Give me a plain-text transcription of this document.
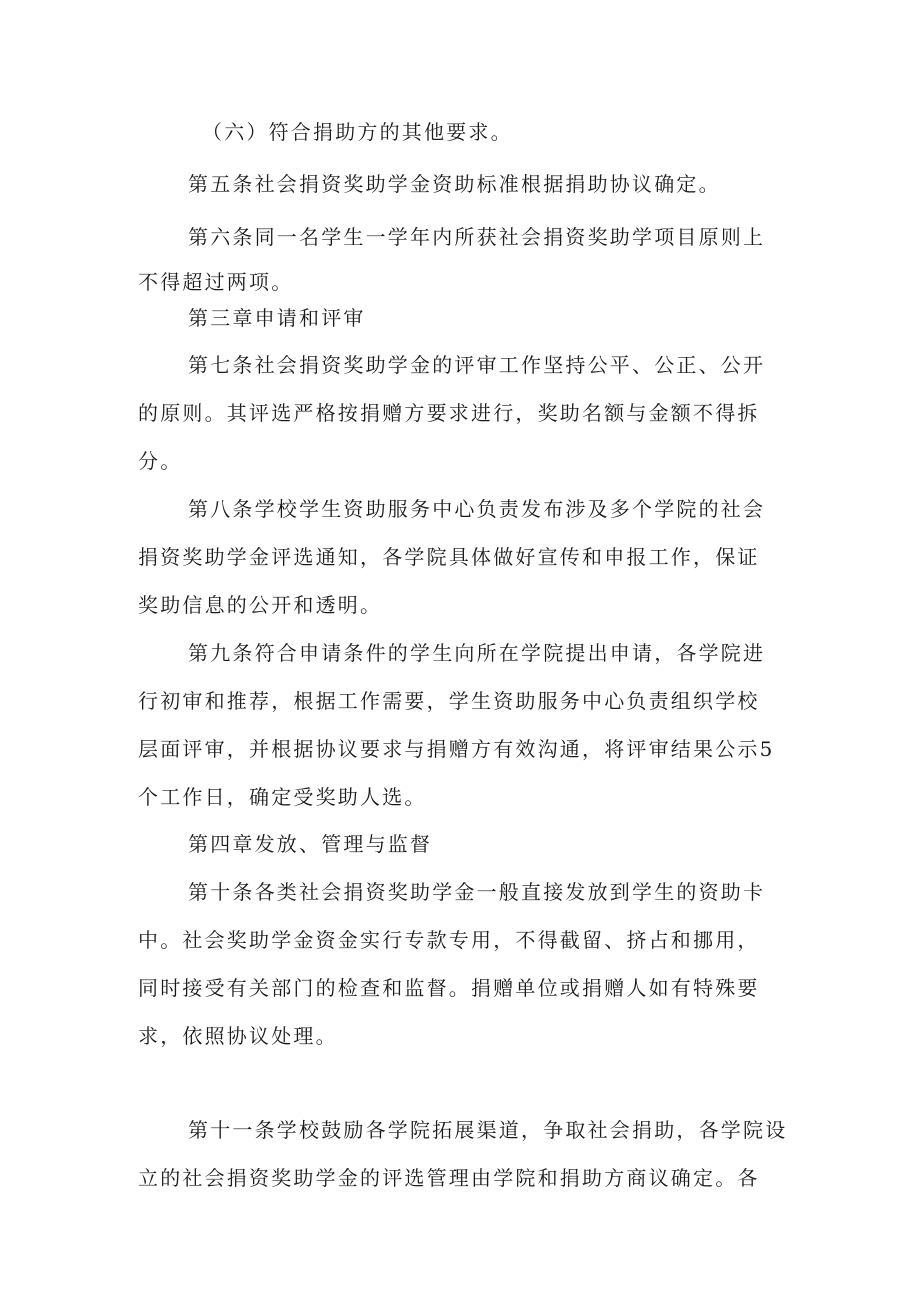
（六）符合捐助方的其他要求。
第五条社会捐资奖助学金资助标准根据捐助协议确定。
第六条同一名学生一学年内所获社会捐资奖助学项目原则上
不得超过两项。
第三章申请和评审
第七条社会捐资奖助学金的评审工作坚持公平、公正、公开
的原则。其评选严格按捐赠方要求进行，奖助名额与金额不得拆
分。
第八条学校学生资助服务中心负责发布涉及多个学院的社会
捐资奖助学金评选通知，各学院具体做好宣传和申报工作，保证
奖助信息的公开和透明。
第九条符合申请条件的学生向所在学院提出申请，各学院进
行初审和推荐，根据工作需要，学生资助服务中心负责组织学校
层面评审，并根据协议要求与捐赠方有效沟通，将评审结果公示5
个工作日，确定受奖助人选。
第四章发放、管理与监督
第十条各类社会捐资奖助学金一般直接发放到学生的资助卡
中。社会奖助学金资金实行专款专用，不得截留、挤占和挪用，
同时接受有关部门的检查和监督。捐赠单位或捐赠人如有特殊要
求，依照协议处理。
第十一条学校鼓励各学院拓展渠道，争取社会捐助，各学院设
立的社会捐资奖助学金的评选管理由学院和捐助方商议确定。各
